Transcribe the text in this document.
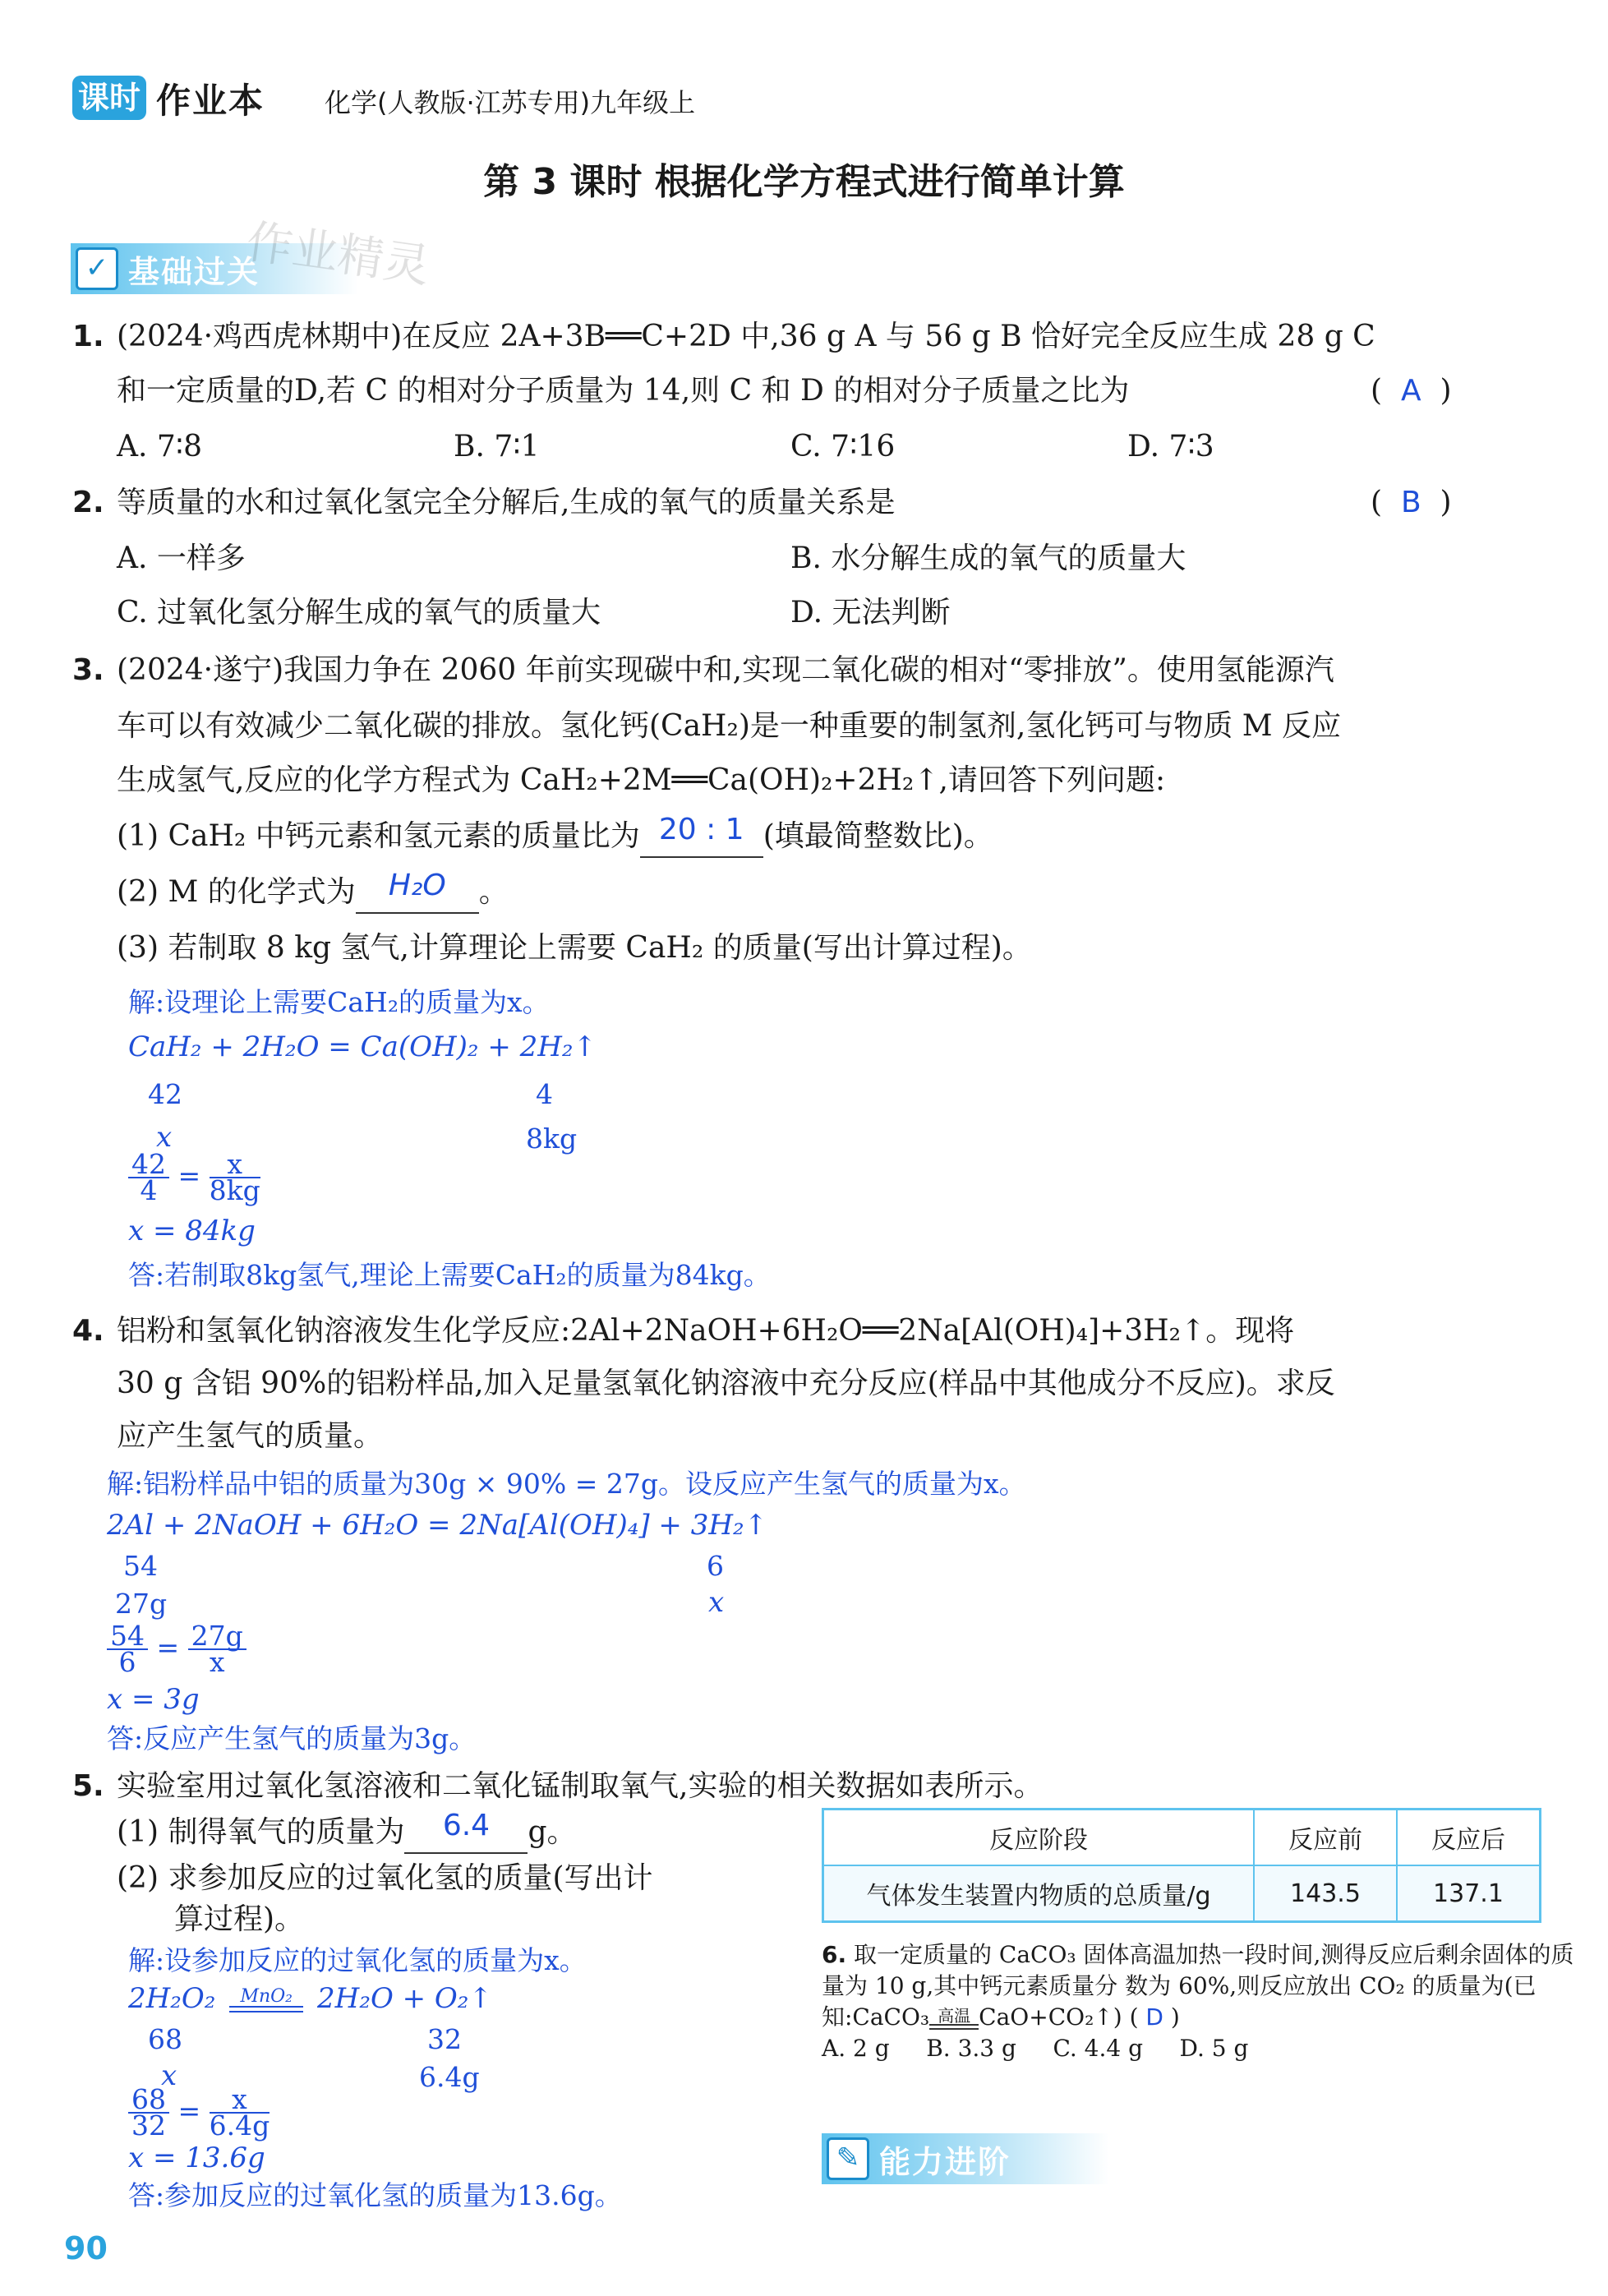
课时 作业本 化学(人教版·江苏专用)九年级上
第 3 课时 根据化学方程式进行简单计算
✓ 基础过关
作业精灵
1. (2024·鸡西虎林期中)在反应 2A+3B══C+2D 中,36 g A 与 56 g B 恰好完全反应生成 28 g C
和一定质量的D,若 C 的相对分子质量为 14,则 C 和 D 的相对分子质量之比为	(  A  )
A. 7∶8	B. 7∶1	C. 7∶16	D. 7∶3
2. 等质量的水和过氧化氢完全分解后,生成的氧气的质量关系是	(  B  )
A. 一样多	B. 水分解生成的氧气的质量大
C. 过氧化氢分解生成的氧气的质量大	D. 无法判断
3. (2024·遂宁)我国力争在 2060 年前实现碳中和,实现二氧化碳的相对“零排放”。使用氢能源汽
车可以有效减少二氧化碳的排放。氢化钙(CaH₂)是一种重要的制氢剂,氢化钙可与物质 M 反应
生成氢气,反应的化学方程式为 CaH₂+2M══Ca(OH)₂+2H₂↑,请回答下列问题:
(1) CaH₂ 中钙元素和氢元素的质量比为 20 : 1 (填最简整数比)。
(2) M 的化学式为 H₂O 。
(3) 若制取 8 kg 氢气,计算理论上需要 CaH₂ 的质量(写出计算过程)。
解:设理论上需要CaH₂的质量为x。
CaH₂ + 2H₂O = Ca(OH)₂ + 2H₂↑
42	4
x	8kg
$\frac{42}{4} = \frac{x}{8kg}$
x = 84kg
答:若制取8kg氢气,理论上需要CaH₂的质量为84kg。
4. 铝粉和氢氧化钠溶液发生化学反应:2Al+2NaOH+6H₂O══2Na[Al(OH)₄]+3H₂↑。现将
30 g 含铝 90%的铝粉样品,加入足量氢氧化钠溶液中充分反应(样品中其他成分不反应)。求反
应产生氢气的质量。
解:铝粉样品中铝的质量为30g × 90% = 27g。设反应产生氢气的质量为x。
2Al + 2NaOH + 6H₂O = 2Na[Al(OH)₄] + 3H₂↑
54	6
27g	x
$\frac{54}{6} = \frac{27g}{x}$
x = 3g
答:反应产生氢气的质量为3g。
5. 实验室用过氧化氢溶液和二氧化锰制取氧气,实验的相关数据如表所示。
(1) 制得氧气的质量为 6.4 g。
(2) 求参加反应的过氧化氢的质量(写出计
算过程)。
反应阶段	反应前	反应后
气体发生装置内物质的总质量/g	143.5	137.1
解:设参加反应的过氧化氢的质量为x。
2H₂O₂	MnO₂ 2H₂O + O₂↑
68	32
x	6.4g
$\frac{68}{32} = \frac{x}{6.4g}$
x = 13.6g
答:参加反应的过氧化氢的质量为13.6g。
✎ 能力进阶
6. 取一定质量的 CaCO₃ 固体高温加热一段时间,测得反应后剩余固体的质量为 10 g,其中钙元素质量分 数为 60%,则反应放出 CO₂ 的质量为(已知:CaCO₃ 高温 CaO+CO₂↑) ( D )
A. 2 g B. 3.3 g C. 4.4 g D. 5 g
90
